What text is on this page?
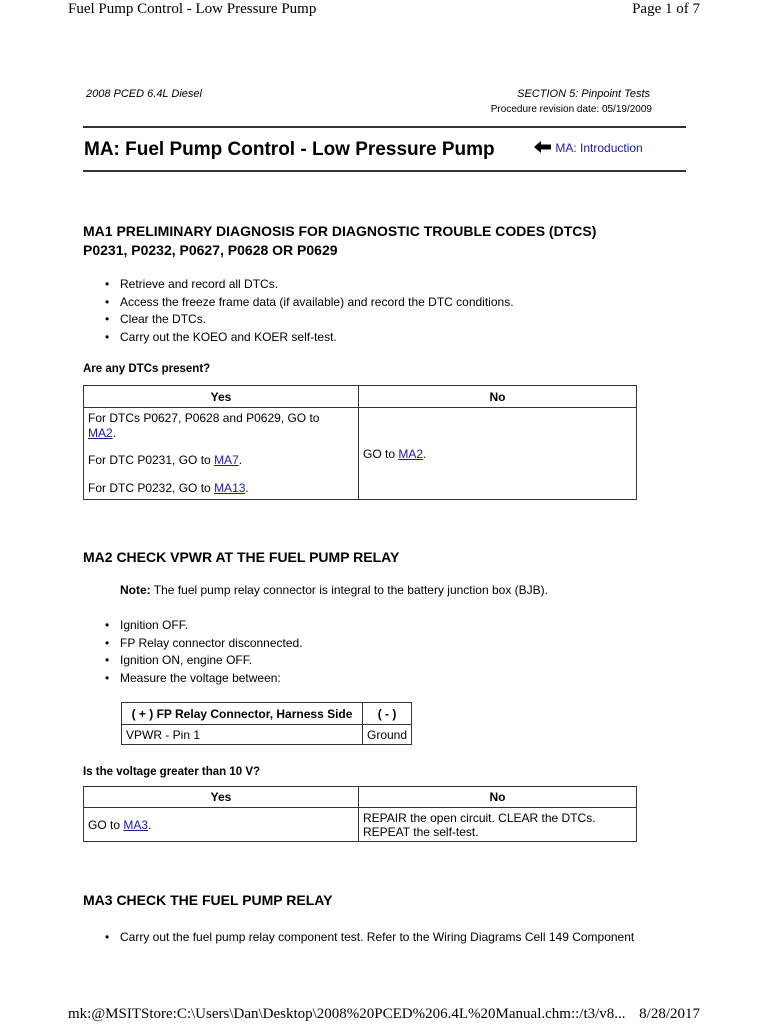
Fuel Pump Control - Low Pressure Pump	Page 1 of 7
2008 PCED 6.4L Diesel	SECTION 5: Pinpoint Tests
Procedure revision date: 05/19/2009
MA: Fuel Pump Control - Low Pressure Pump	MA: Introduction
MA1 PRELIMINARY DIAGNOSIS FOR DIAGNOSTIC TROUBLE CODES (DTCS)
P0231, P0232, P0627, P0628 OR P0629
• Retrieve and record all DTCs.
• Access the freeze frame data (if available) and record the DTC conditions.
• Clear the DTCs.
• Carry out the KOEO and KOER self-test.
Are any DTCs present?
Yes	No

For DTCs P0627, P0628 and P0629, GO to
MA2.
For DTC P0231, GO to MA7.
For DTC P0232, GO to MA13.	GO to MA2.
MA2 CHECK VPWR AT THE FUEL PUMP RELAY
Note: The fuel pump relay connector is integral to the battery junction box (BJB).
• Ignition OFF.
• FP Relay connector disconnected.
• Ignition ON, engine OFF.
• Measure the voltage between:
( + ) FP Relay Connector, Harness Side	( - )
VPWR - Pin 1	Ground
Is the voltage greater than 10 V?
Yes	No
GO to MA3.	REPAIR the open circuit. CLEAR the DTCs.
REPEAT the self-test.
MA3 CHECK THE FUEL PUMP RELAY
• Carry out the fuel pump relay component test. Refer to the Wiring Diagrams Cell 149 Component
mk:@MSITStore:C:\Users\Dan\Desktop\2008%20PCED%206.4L%20Manual.chm::/t3/v8... 8/28/2017
